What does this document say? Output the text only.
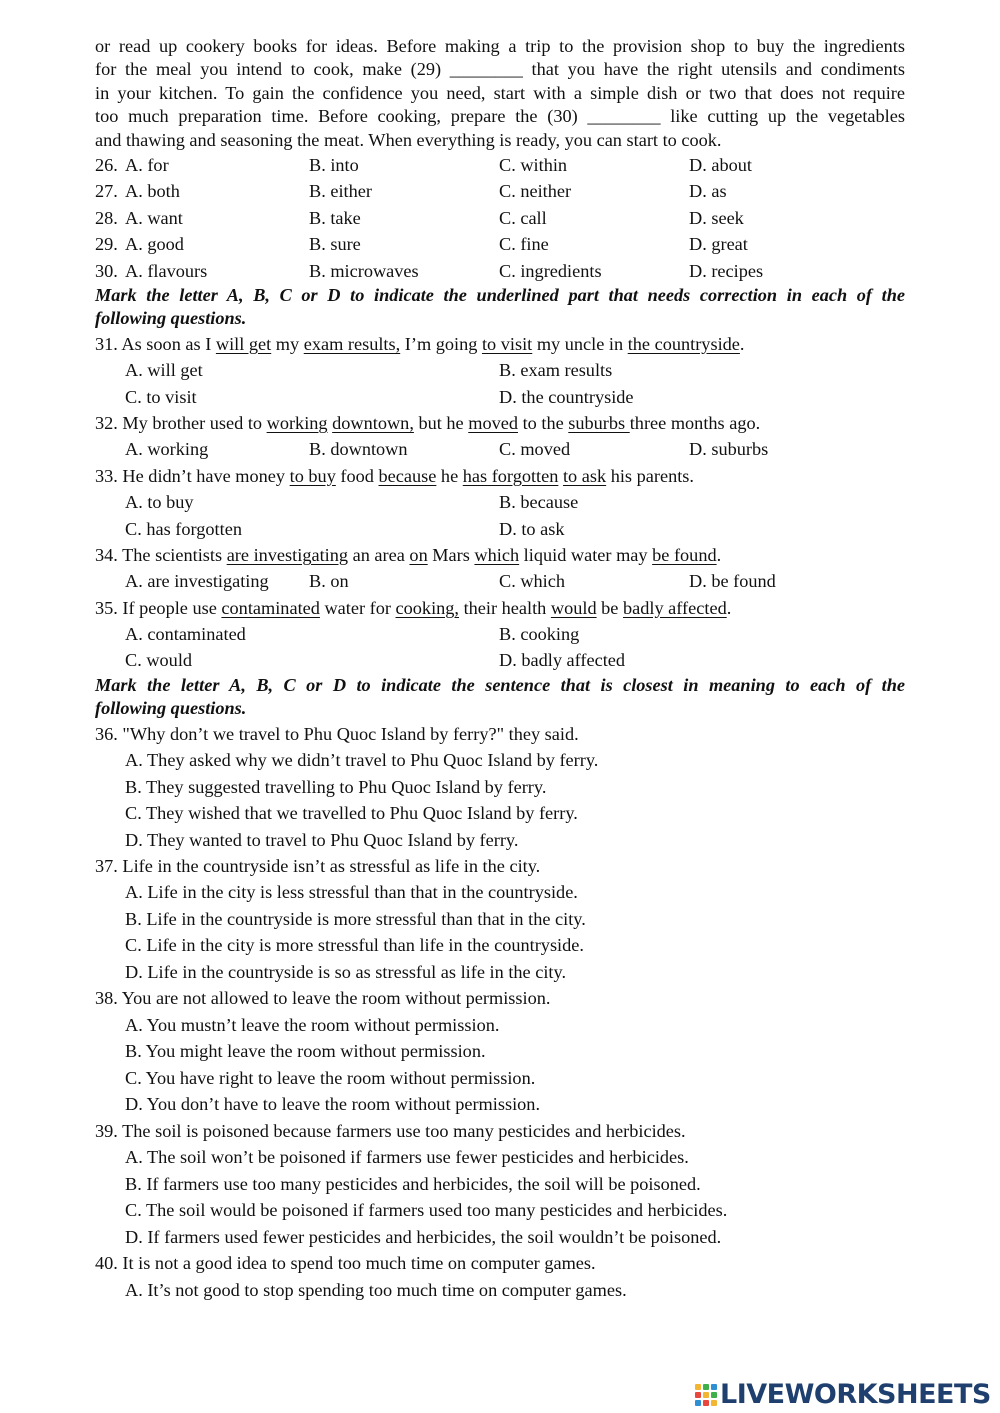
or read up cookery books for ideas. Before making a trip to the provision shop to buy the ingredients
for the meal you intend to cook, make (29) ________ that you have the right utensils and condiments
in your kitchen. To gain the confidence you need, start with a simple dish or two that does not require
too much preparation time. Before cooking, prepare the (30) ________ like cutting up the vegetables
and thawing and seasoning the meat. When everything is ready, you can start to cook.
26. A. for	B. into	C. within	D. about
27. A. both	B. either	C. neither	D. as
28. A. want	B. take	C. call	D. seek
29. A. good	B. sure	C. fine	D. great
30. A. flavours	B. microwaves	C. ingredients	D. recipes
Mark the letter A, B, C or D to indicate the underlined part that needs correction in each of the
following questions.
31. As soon as I will get my exam results, I’m going to visit my uncle in the countryside.
A. will get	B. exam results
C. to visit	D. the countryside
32. My brother used to working downtown, but he moved to the suburbs three months ago.
A. working	B. downtown	C. moved	D. suburbs
33. He didn’t have money to buy food because he has forgotten to ask his parents.
A. to buy	B. because
C. has forgotten	D. to ask
34. The scientists are investigating an area on Mars which liquid water may be found.
A. are investigating B. on	C. which	D. be found
35. If people use contaminated water for cooking, their health would be badly affected.
A. contaminated	B. cooking
C. would	D. badly affected
Mark the letter A, B, C or D to indicate the sentence that is closest in meaning to each of the
following questions.
36. "Why don’t we travel to Phu Quoc Island by ferry?" they said.
A. They asked why we didn’t travel to Phu Quoc Island by ferry.
B. They suggested travelling to Phu Quoc Island by ferry.
C. They wished that we travelled to Phu Quoc Island by ferry.
D. They wanted to travel to Phu Quoc Island by ferry.
37. Life in the countryside isn’t as stressful as life in the city.
A. Life in the city is less stressful than that in the countryside.
B. Life in the countryside is more stressful than that in the city.
C. Life in the city is more stressful than life in the countryside.
D. Life in the countryside is so as stressful as life in the city.
38. You are not allowed to leave the room without permission.
A. You mustn’t leave the room without permission.
B. You might leave the room without permission.
C. You have right to leave the room without permission.
D. You don’t have to leave the room without permission.
39. The soil is poisoned because farmers use too many pesticides and herbicides.
A. The soil won’t be poisoned if farmers use fewer pesticides and herbicides.
B. If farmers use too many pesticides and herbicides, the soil will be poisoned.
C. The soil would be poisoned if farmers used too many pesticides and herbicides.
D. If farmers used fewer pesticides and herbicides, the soil wouldn’t be poisoned.
40. It is not a good idea to spend too much time on computer games.
A. It’s not good to stop spending too much time on computer games.
LIVEWORKSHEETS
